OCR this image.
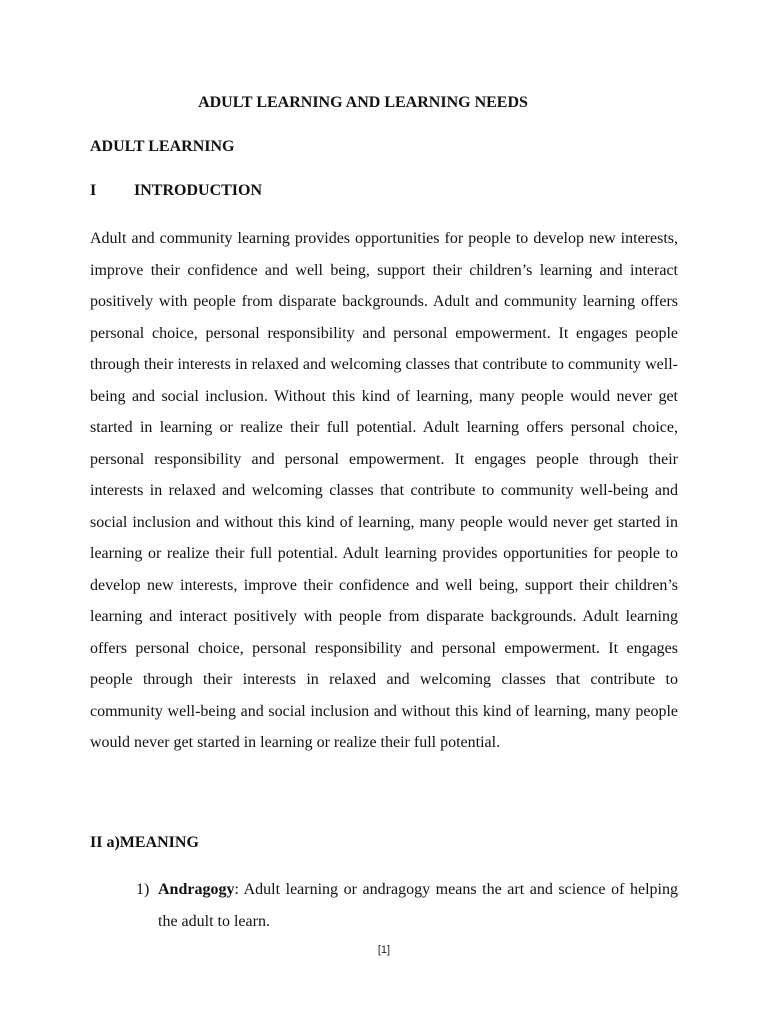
ADULT LEARNING AND LEARNING NEEDS
ADULT LEARNING
I INTRODUCTION

Adult and community learning provides opportunities for people to develop new interests, improve their confidence and well being, support their children’s learning and interact positively with people from disparate backgrounds. Adult and community learning offers personal choice, personal responsibility and personal empowerment. It engages people through their interests in relaxed and welcoming classes that contribute to community well-being and social inclusion. Without this kind of learning, many people would never get started in learning or realize their full potential. Adult learning offers personal choice, personal responsibility and personal empowerment. It engages people through their interests in relaxed and welcoming classes that contribute to community well-being and social inclusion and without this kind of learning, many people would never get started in learning or realize their full potential. Adult learning provides opportunities for people to develop new interests, improve their confidence and well being, support their children’s learning and interact positively with people from disparate backgrounds. Adult learning offers personal choice, personal responsibility and personal empowerment. It engages people through their interests in relaxed and welcoming classes that contribute to community well-being and social inclusion and without this kind of learning, many people would never get started in learning or realize their full potential.

II a)MEANING
1) Andragogy: Adult learning or andragogy means the art and science of helping the adult to learn.
[1]
